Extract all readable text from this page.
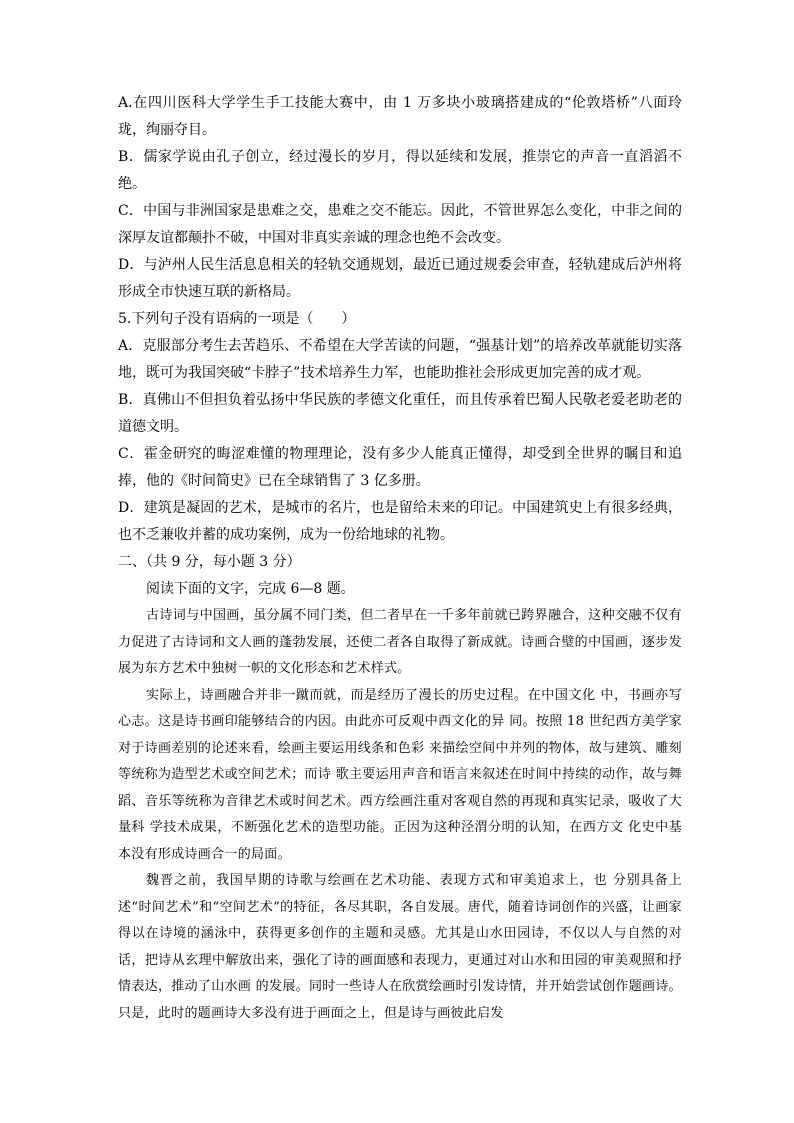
A.在四川医科大学学生手工技能大赛中，由 1 万多块小玻璃搭建成的“伦敦塔桥”八面玲珑，绚丽夺目。

B．儒家学说由孔子创立，经过漫长的岁月，得以延续和发展，推崇它的声音一直滔滔不绝。

C．中国与非洲国家是患难之交，患难之交不能忘。因此，不管世界怎么变化，中非之间的深厚友谊都颠扑不破，中国对非真实亲诚的理念也绝不会改变。

D．与泸州人民生活息息相关的轻轨交通规划，最近已通过规委会审查，轻轨建成后泸州将形成全市快速互联的新格局。

5.下列句子没有语病的一项是（　　）

A．克服部分考生去苦趋乐、不希望在大学苦读的问题，“强基计划”的培养改革就能切实落地，既可为我国突破“卡脖子”技术培养生力军，也能助推社会形成更加完善的成才观。

B．真佛山不但担负着弘扬中华民族的孝德文化重任，而且传承着巴蜀人民敬老爱老助老的道德文明。

C．霍金研究的晦涩难懂的物理理论，没有多少人能真正懂得，却受到全世界的瞩目和追捧，他的《时间简史》已在全球销售了 3 亿多册。

D．建筑是凝固的艺术，是城市的名片，也是留给未来的印记。中国建筑史上有很多经典，也不乏兼收并蓄的成功案例，成为一份给地球的礼物。

二、（共 9 分，每小题 3 分）

阅读下面的文字，完成 6—8 题。

古诗词与中国画，虽分属不同门类，但二者早在一千多年前就已跨界融合，这种交融不仅有力促进了古诗词和文人画的蓬勃发展，还使二者各自取得了新成就。诗画合璧的中国画，逐步发展为东方艺术中独树一帜的文化形态和艺术样式。

实际上，诗画融合并非一蹴而就，而是经历了漫长的历史过程。在中国文化 中，书画亦写心志。这是诗书画印能够结合的内因。由此亦可反观中西文化的异 同。按照 18 世纪西方美学家对于诗画差别的论述来看，绘画主要运用线条和色彩 来描绘空间中并列的物体，故与建筑、雕刻等统称为造型艺术或空间艺术；而诗 歌主要运用声音和语言来叙述在时间中持续的动作，故与舞蹈、音乐等统称为音律艺术或时间艺术。西方绘画注重对客观自然的再现和真实记录，吸收了大量科 学技术成果，不断强化艺术的造型功能。正因为这种泾渭分明的认知，在西方文 化史中基本没有形成诗画合一的局面。

魏晋之前，我国早期的诗歌与绘画在艺术功能、表现方式和审美追求上，也 分别具备上述“时间艺术”和“空间艺术”的特征，各尽其职，各自发展。唐代，随着诗词创作的兴盛，让画家得以在诗境的涵泳中，获得更多创作的主题和灵感。尤其是山水田园诗，不仅以人与自然的对话，把诗从玄理中解放出来，强化了诗的画面感和表现力，更通过对山水和田园的审美观照和抒情表达，推动了山水画 的发展。同时一些诗人在欣赏绘画时引发诗情，并开始尝试创作题画诗。只是，此时的题画诗大多没有进于画面之上，但是诗与画彼此启发
